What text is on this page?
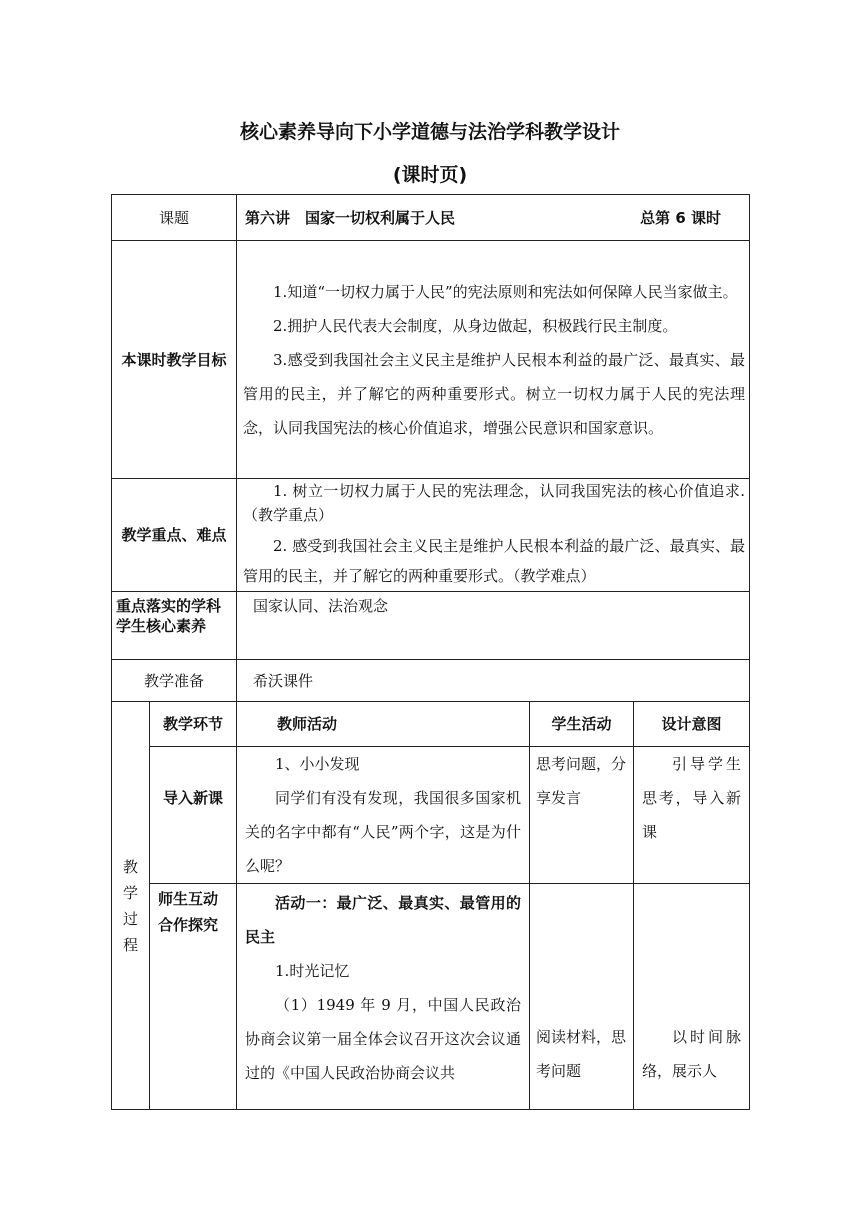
核心素养导向下小学道德与法治学科教学设计
(课时页)
课题		第六讲　国家一切权利属于人民 总第 6 课时		

本课时教学目标		1.知道“一切权力属于人民”的宪法原则和宪法如何保障人民当家做主。

2.拥护人民代表大会制度，从身边做起，积极践行民主制度。

3.感受到我国社会主义民主是维护人民根本利益的最广泛、最真实、最管用的民主，并了解它的两种重要形式。树立一切权力属于人民的宪法理念，认同我国宪法的核心价值追求，增强公民意识和国家意识。		

教学重点、难点		1. 树立一切权力属于人民的宪法理念，认同我国宪法的核心价值追求.（教学重点）

2. 感受到我国社会主义民主是维护人民根本利益的最广泛、最真实、最管用的民主，并了解它的两种重要形式。（教学难点）		

重点落实的学科学生核心素养		国家认同、法治观念		
教学准备		希沃课件		
教学过程	教学环节	教师活动	学生活动	设计意图
	导入新课	1、小小发现

同学们有没有发现，我国很多国家机关的名字中都有“人民”两个字，这是为什么呢？	思考问题，分享发言	引导学生思考，导入新课
	师生互动合作探究	活动一：最广泛、最真实、最管用的民主

1.时光记忆

（1）1949 年 9 月，中国人民政治协商会议第一届全体会议召开这次会议通过的《中国人民政治协商会议共	阅读材料，思考问题	以时间脉络，展示人
